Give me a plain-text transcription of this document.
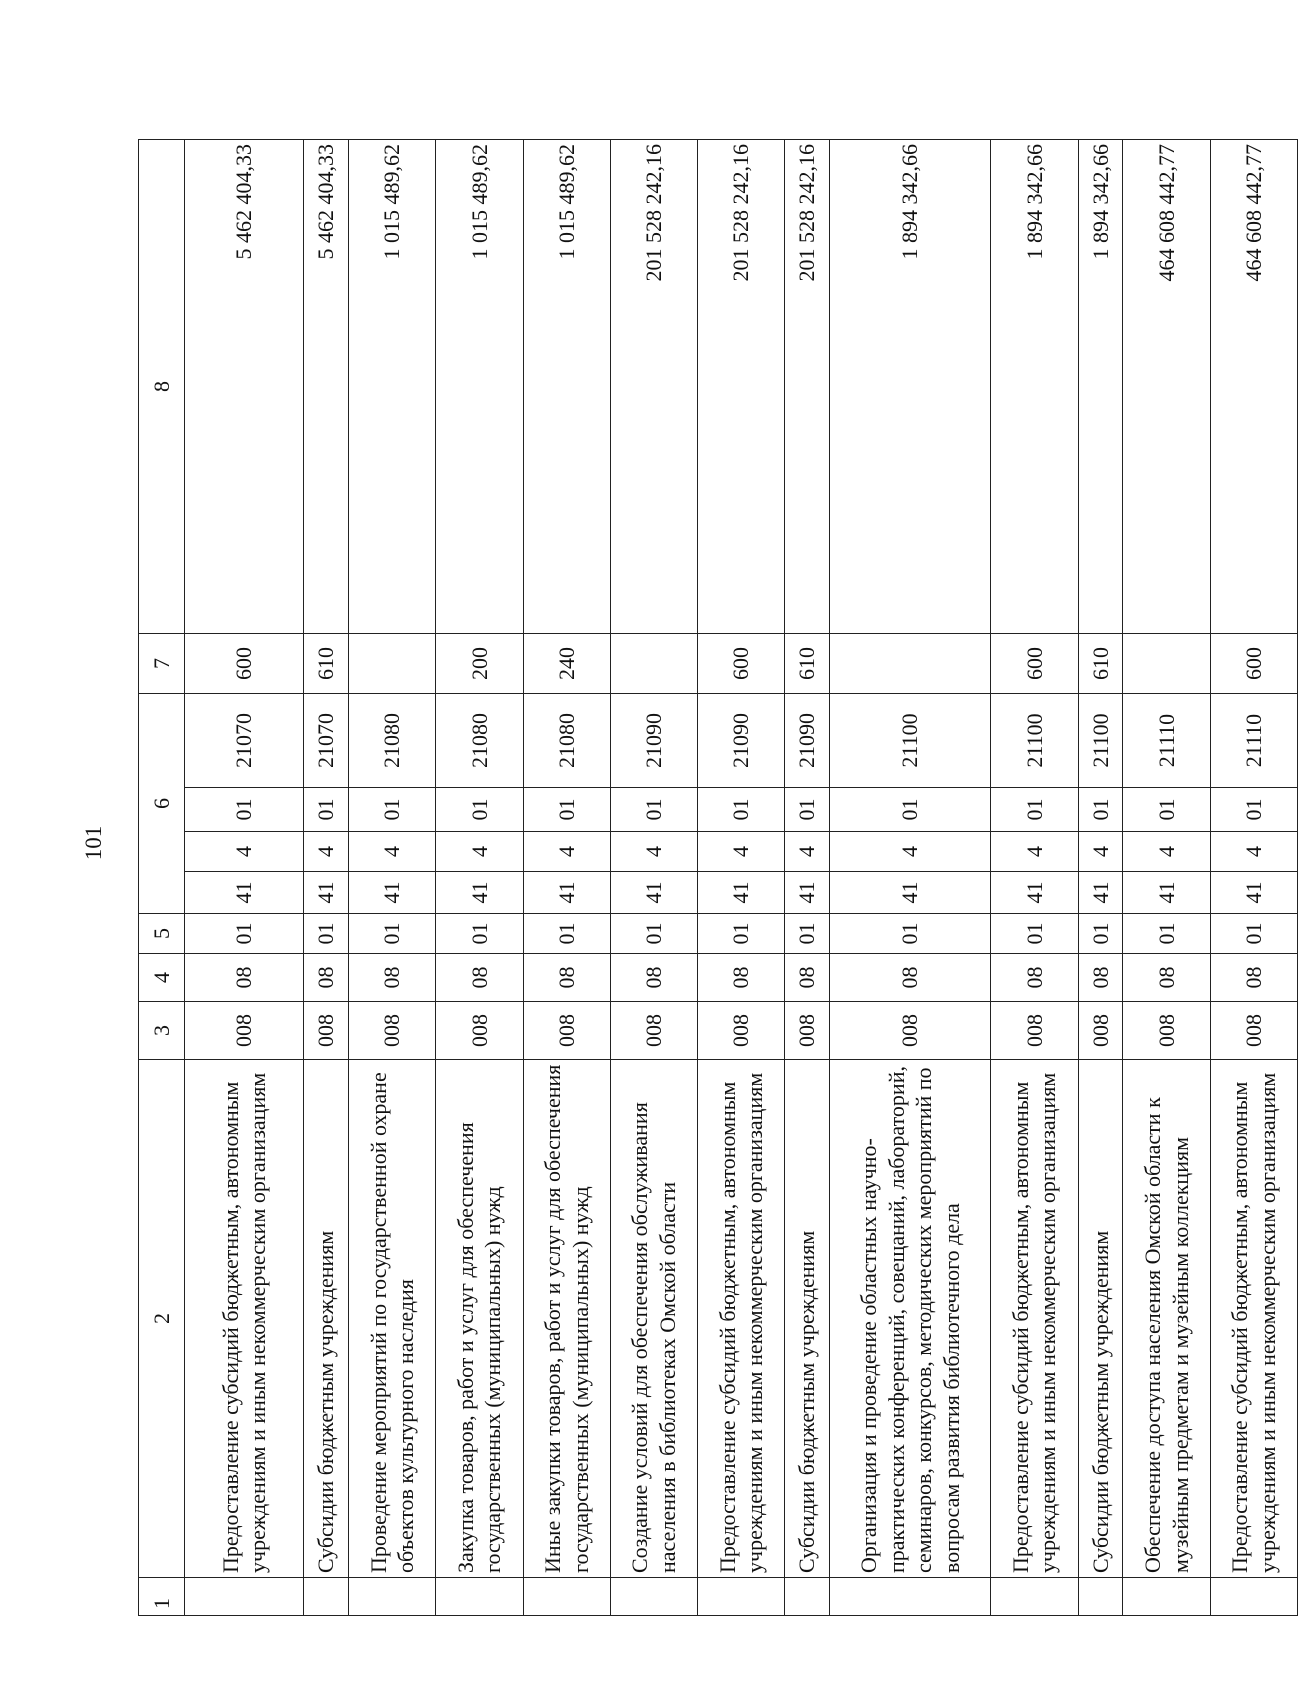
101
1	2	3	4	5	6				7	8
	Предоставление субсидий бюджетным, автономным учреждениям и иным некоммерческим организациям	008	08	01	41	4	01	21070	600	5 462 404,33
	Субсидии бюджетным учреждениям	008	08	01	41	4	01	21070	610	5 462 404,33
	Проведение мероприятий по государственной охране объектов культурного наследия	008	08	01	41	4	01	21080		1 015 489,62
	Закупка товаров, работ и услуг для обеспечения государственных (муниципальных) нужд	008	08	01	41	4	01	21080	200	1 015 489,62
	Иные закупки товаров, работ и услуг для обеспечения государственных (муниципальных) нужд	008	08	01	41	4	01	21080	240	1 015 489,62
	Создание условий для обеспечения обслуживания населения в библиотеках Омской области	008	08	01	41	4	01	21090		201 528 242,16
	Предоставление субсидий бюджетным, автономным учреждениям и иным некоммерческим организациям	008	08	01	41	4	01	21090	600	201 528 242,16
	Субсидии бюджетным учреждениям	008	08	01	41	4	01	21090	610	201 528 242,16
	Организация и проведение областных научно-практических конференций, совещаний, лабораторий, семинаров, конкурсов, методических мероприятий по вопросам развития библиотечного дела	008	08	01	41	4	01	21100		1 894 342,66
	Предоставление субсидий бюджетным, автономным учреждениям и иным некоммерческим организациям	008	08	01	41	4	01	21100	600	1 894 342,66
	Субсидии бюджетным учреждениям	008	08	01	41	4	01	21100	610	1 894 342,66
	Обеспечение доступа населения Омской области к музейным предметам и музейным коллекциям	008	08	01	41	4	01	21110		464 608 442,77
	Предоставление субсидий бюджетным, автономным учреждениям и иным некоммерческим организациям	008	08	01	41	4	01	21110	600	464 608 442,77
